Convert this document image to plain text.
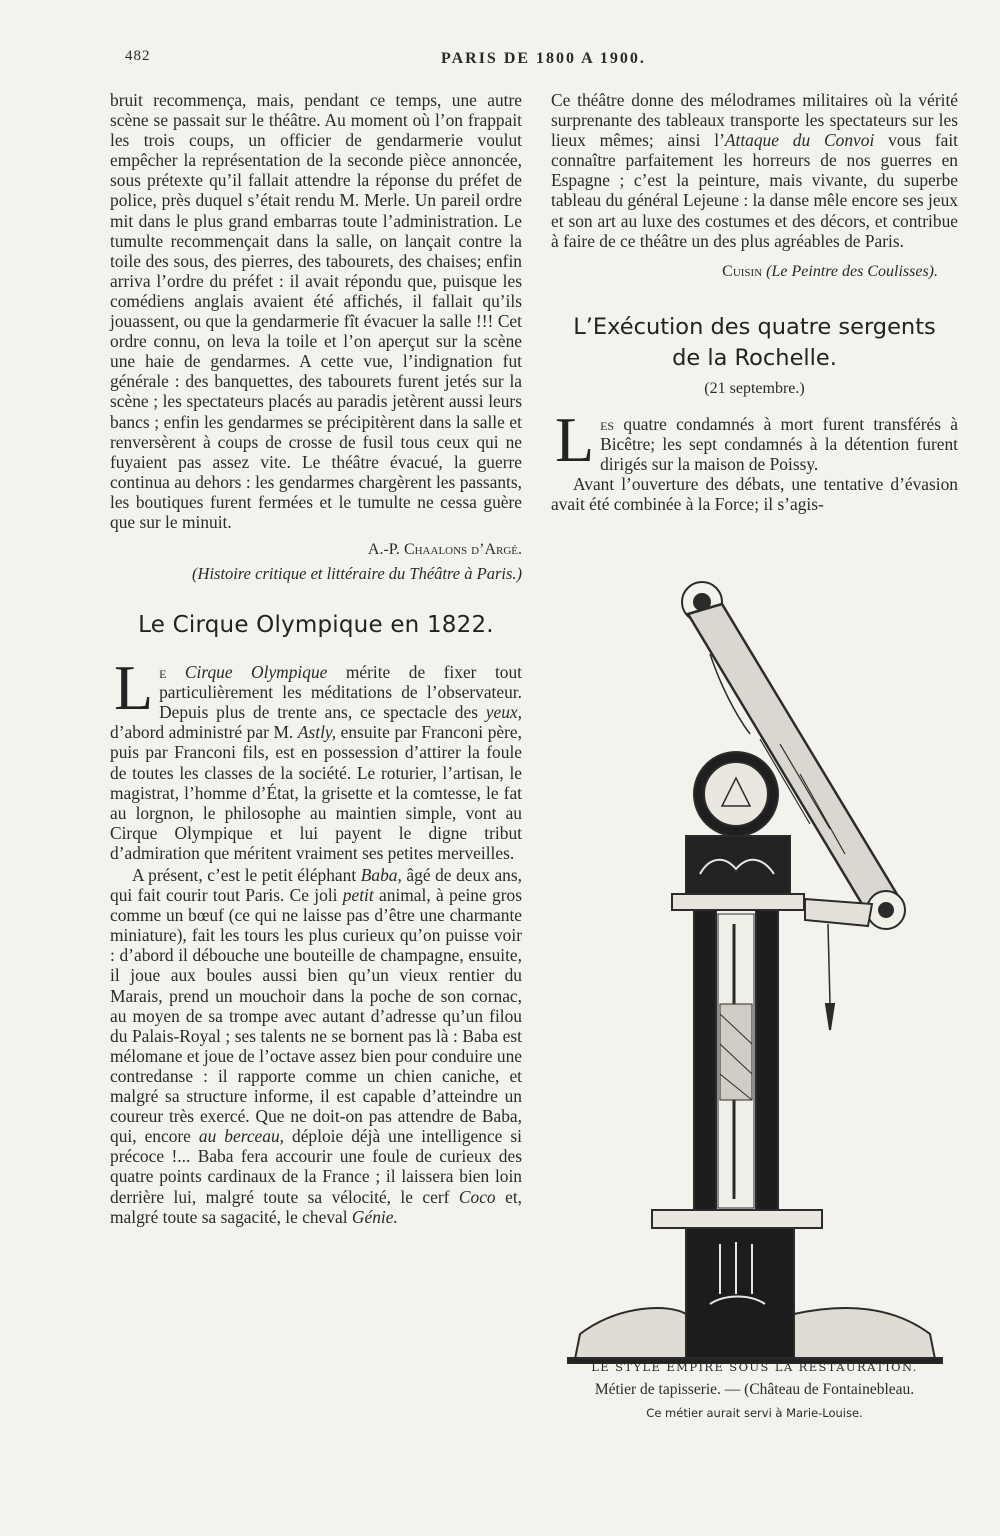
482	PARIS DE 1800 A 1900.

bruit recommença, mais, pendant ce temps, une autre scène se passait sur le théâtre. Au moment où l’on frappait les trois coups, un officier de gendarmerie voulut empêcher la représentation de la seconde pièce annoncée, sous prétexte qu’il fallait attendre la réponse du préfet de police, près duquel s’était rendu M. Merle. Un pareil ordre mit dans le plus grand embarras toute l’administration. Le tumulte recommençait dans la salle, on lançait contre la toile des sous, des pierres, des tabourets, des chaises; enfin arriva l’ordre du préfet : il avait répondu que, puisque les comédiens anglais avaient été affichés, il fallait qu’ils jouassent, ou que la gendarmerie fît évacuer la salle !!! Cet ordre connu, on leva la toile et l’on aperçut sur la scène une haie de gendarmes. A cette vue, l’indignation fut générale : des banquettes, des tabourets furent jetés sur la scène ; les spectateurs placés au paradis jetèrent aussi leurs bancs ; enfin les gendarmes se précipitèrent dans la salle et renversèrent à coups de crosse de fusil tous ceux qui ne fuyaient pas assez vite. Le théâtre évacué, la guerre continua au dehors : les gendarmes chargèrent les passants, les boutiques furent fermées et le tumulte ne cessa guère que sur le minuit.

A.-P. Chaalons d’Argé.

(Histoire critique et littéraire du Théâtre à Paris.)

Le Cirque Olympique en 1822.

L e Cirque Olympique mérite de fixer tout particulièrement les méditations de l’observateur. Depuis plus de trente ans, ce spectacle des yeux, d’abord administré par M. Astly, ensuite par Franconi père, puis par Franconi fils, est en possession d’attirer la foule de toutes les classes de la société. Le roturier, l’artisan, le magistrat, l’homme d’État, la grisette et la comtesse, le fat au lorgnon, le philosophe au maintien simple, vont au Cirque Olympique et lui payent le digne tribut d’admiration que méritent vraiment ses petites merveilles.

A présent, c’est le petit éléphant Baba, âgé de deux ans, qui fait courir tout Paris. Ce joli petit animal, à peine gros comme un bœuf (ce qui ne laisse pas d’être une charmante miniature), fait les tours les plus curieux qu’on puisse voir : d’abord il débouche une bouteille de champagne, ensuite, il joue aux boules aussi bien qu’un vieux rentier du Marais, prend un mouchoir dans la poche de son cornac, au moyen de sa trompe avec autant d’adresse qu’un filou du Palais-Royal ; ses talents ne se bornent pas là : Baba est mélomane et joue de l’octave assez bien pour conduire une contredanse : il rapporte comme un chien caniche, et malgré sa structure informe, il est capable d’atteindre un coureur très exercé. Que ne doit-on pas attendre de Baba, qui, encore au berceau, déploie déjà une intelligence si précoce !... Baba fera accourir une foule de curieux des quatre points cardinaux de la France ; il laissera bien loin derrière lui, malgré toute sa vélocité, le cerf Coco et, malgré toute sa sagacité, le cheval Génie.

Ce théâtre donne des mélodrames militaires où la vérité surprenante des tableaux transporte les spectateurs sur les lieux mêmes; ainsi l’Attaque du Convoi vous fait connaître parfaitement les horreurs de nos guerres en Espagne ; c’est la peinture, mais vivante, du superbe tableau du général Lejeune : la danse mêle encore ses jeux et son art au luxe des costumes et des décors, et contribue à faire de ce théâtre un des plus agréables de Paris.

Cuisin (Le Peintre des Coulisses).

L’Exécution des quatre sergents
de la Rochelle.
(21 septembre.)

L es quatre condamnés à mort furent transférés à Bicêtre; les sept condamnés à la détention furent dirigés sur la maison de Poissy.

Avant l’ouverture des débats, une tentative d’évasion avait été combinée à la Force; il s’agis-

LE STYLE EMPIRE SOUS LA RESTAURATION.
Métier de tapisserie. — (Château de Fontainebleau.
Ce métier aurait servi à Marie-Louise.
